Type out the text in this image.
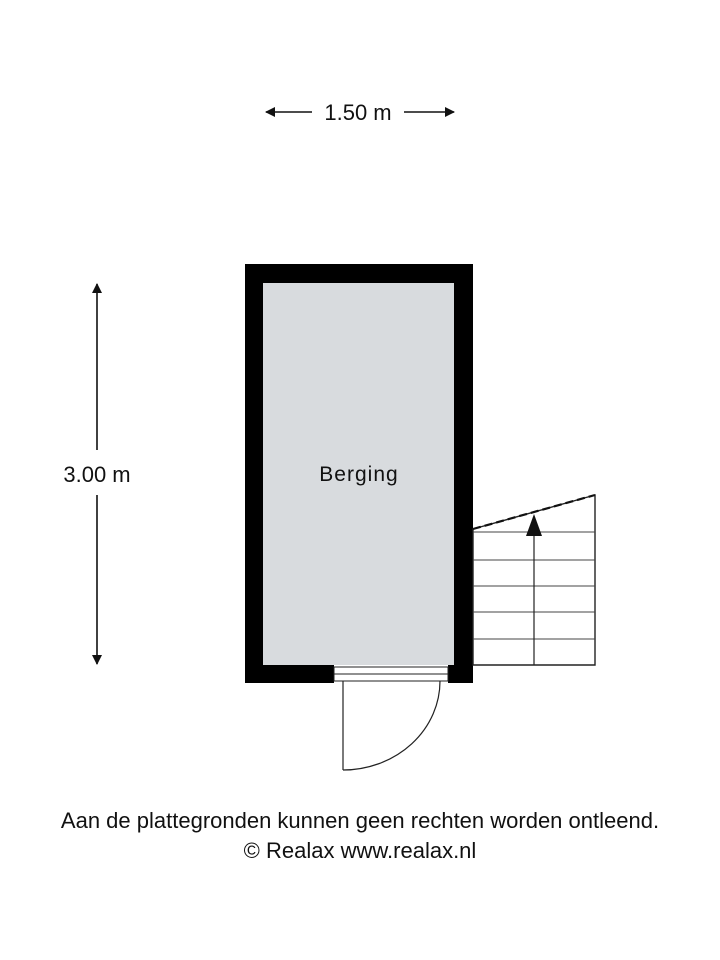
1.50 m
3.00 m	Berging
Aan de plattegronden kunnen geen rechten worden ontleend.
© Realax www.realax.nl
